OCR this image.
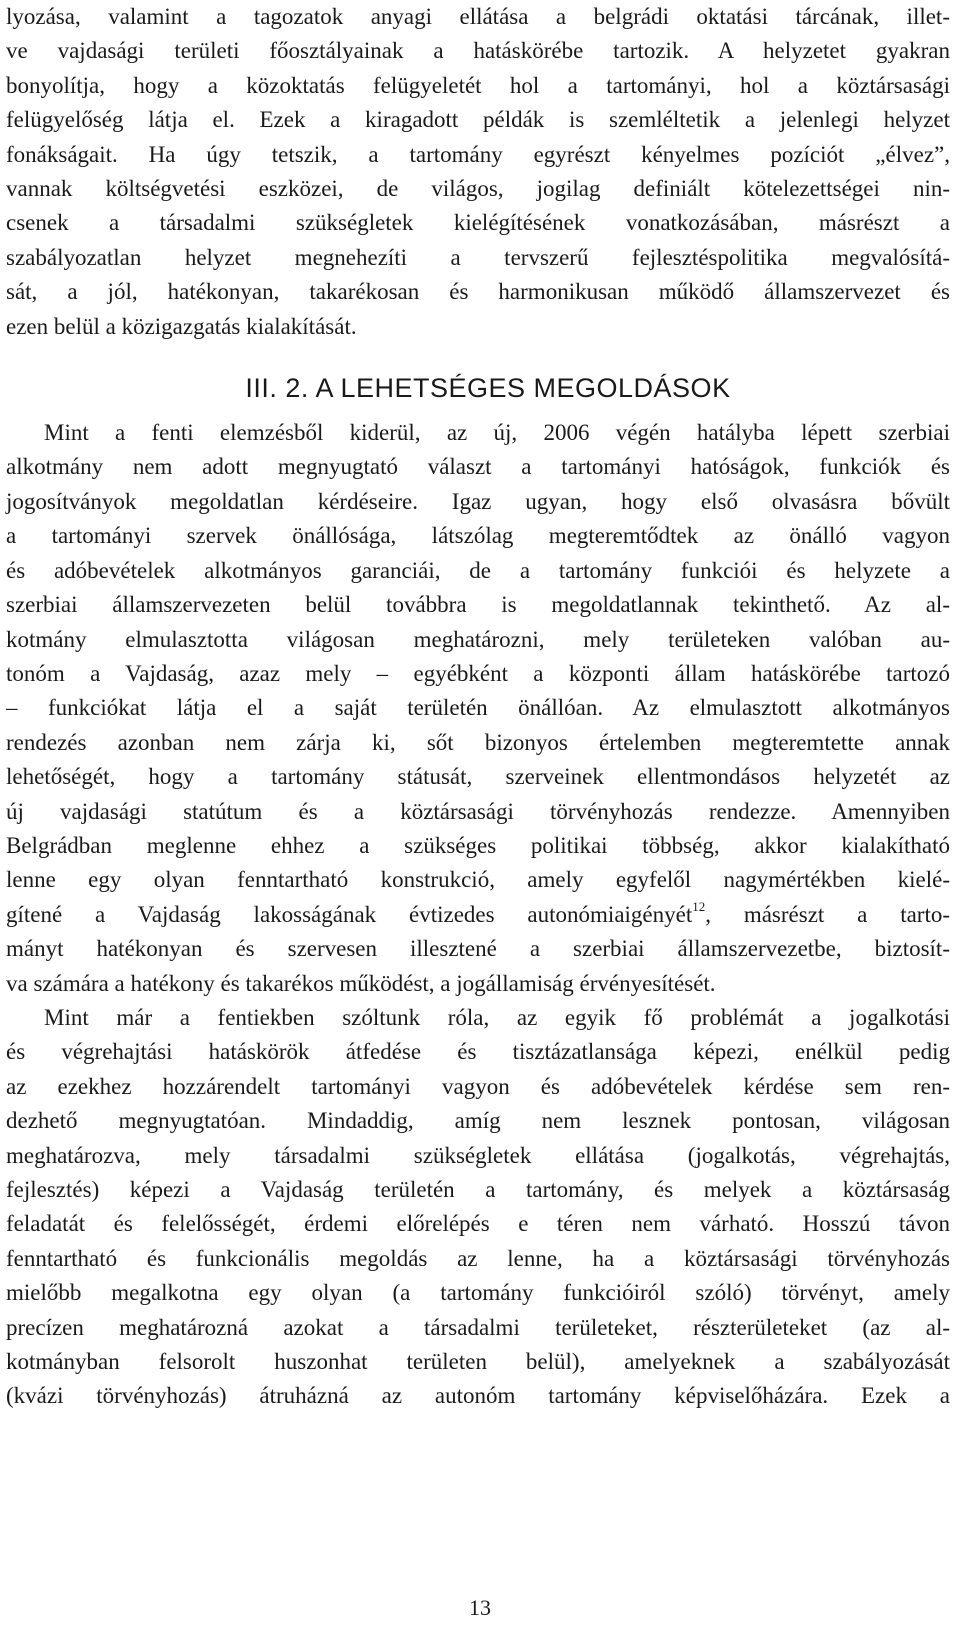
lyozása, valamint a tagozatok anyagi ellátása a belgrádi oktatási tárcának, illet-

ve vajdasági területi főosztályainak a hatáskörébe tartozik. A helyzetet gyakran

bonyolítja, hogy a közoktatás felügyeletét hol a tartományi, hol a köztársasági

felügyelőség látja el. Ezek a kiragadott példák is szemléltetik a jelenlegi helyzet

fonákságait. Ha úgy tetszik, a tartomány egyrészt kényelmes pozíciót „élvez”,

vannak költségvetési eszközei, de világos, jogilag definiált kötelezettségei nin-

csenek a társadalmi szükségletek kielégítésének vonatkozásában, másrészt a

szabályozatlan helyzet megnehezíti a tervszerű fejlesztéspolitika megvalósítá-

sát, a jól, hatékonyan, takarékosan és harmonikusan működő államszervezet és

ezen belül a közigazgatás kialakítását.

III. 2. A LEHETSÉGES MEGOLDÁSOK

Mint a fenti elemzésből kiderül, az új, 2006 végén hatályba lépett szerbiai

alkotmány nem adott megnyugtató választ a tartományi hatóságok, funkciók és

jogosítványok megoldatlan kérdéseire. Igaz ugyan, hogy első olvasásra bővült

a tartományi szervek önállósága, látszólag megteremtődtek az önálló vagyon

és adóbevételek alkotmányos garanciái, de a tartomány funkciói és helyzete a

szerbiai államszervezeten belül továbbra is megoldatlannak tekinthető. Az al-

kotmány elmulasztotta világosan meghatározni, mely területeken valóban au-

tonóm a Vajdaság, azaz mely – egyébként a központi állam hatáskörébe tartozó

– funkciókat látja el a saját területén önállóan. Az elmulasztott alkotmányos

rendezés azonban nem zárja ki, sőt bizonyos értelemben megteremtette annak

lehetőségét, hogy a tartomány státusát, szerveinek ellentmondásos helyzetét az

új vajdasági statútum és a köztársasági törvényhozás rendezze. Amennyiben

Belgrádban meglenne ehhez a szükséges politikai többség, akkor kialakítható

lenne egy olyan fenntartható konstrukció, amely egyfelől nagymértékben kielé-

gítené a Vajdaság lakosságának évtizedes autonómiaigényét$^{12}$, másrészt a tarto-

mányt hatékonyan és szervesen illesztené a szerbiai államszervezetbe, biztosít-

va számára a hatékony és takarékos működést, a jogállamiság érvényesítését.

Mint már a fentiekben szóltunk róla, az egyik fő problémát a jogalkotási

és végrehajtási hatáskörök átfedése és tisztázatlansága képezi, enélkül pedig

az ezekhez hozzárendelt tartományi vagyon és adóbevételek kérdése sem ren-

dezhető megnyugtatóan. Mindaddig, amíg nem lesznek pontosan, világosan

meghatározva, mely társadalmi szükségletek ellátása (jogalkotás, végrehajtás,

fejlesztés) képezi a Vajdaság területén a tartomány, és melyek a köztársaság

feladatát és felelősségét, érdemi előrelépés e téren nem várható. Hosszú távon

fenntartható és funkcionális megoldás az lenne, ha a köztársasági törvényhozás

mielőbb megalkotna egy olyan (a tartomány funkcióiról szóló) törvényt, amely

precízen meghatározná azokat a társadalmi területeket, részterületeket (az al-

kotmányban felsorolt huszonhat területen belül), amelyeknek a szabályozását

(kvázi törvényhozás) átruházná az autonóm tartomány képviselőházára. Ezek a

13
